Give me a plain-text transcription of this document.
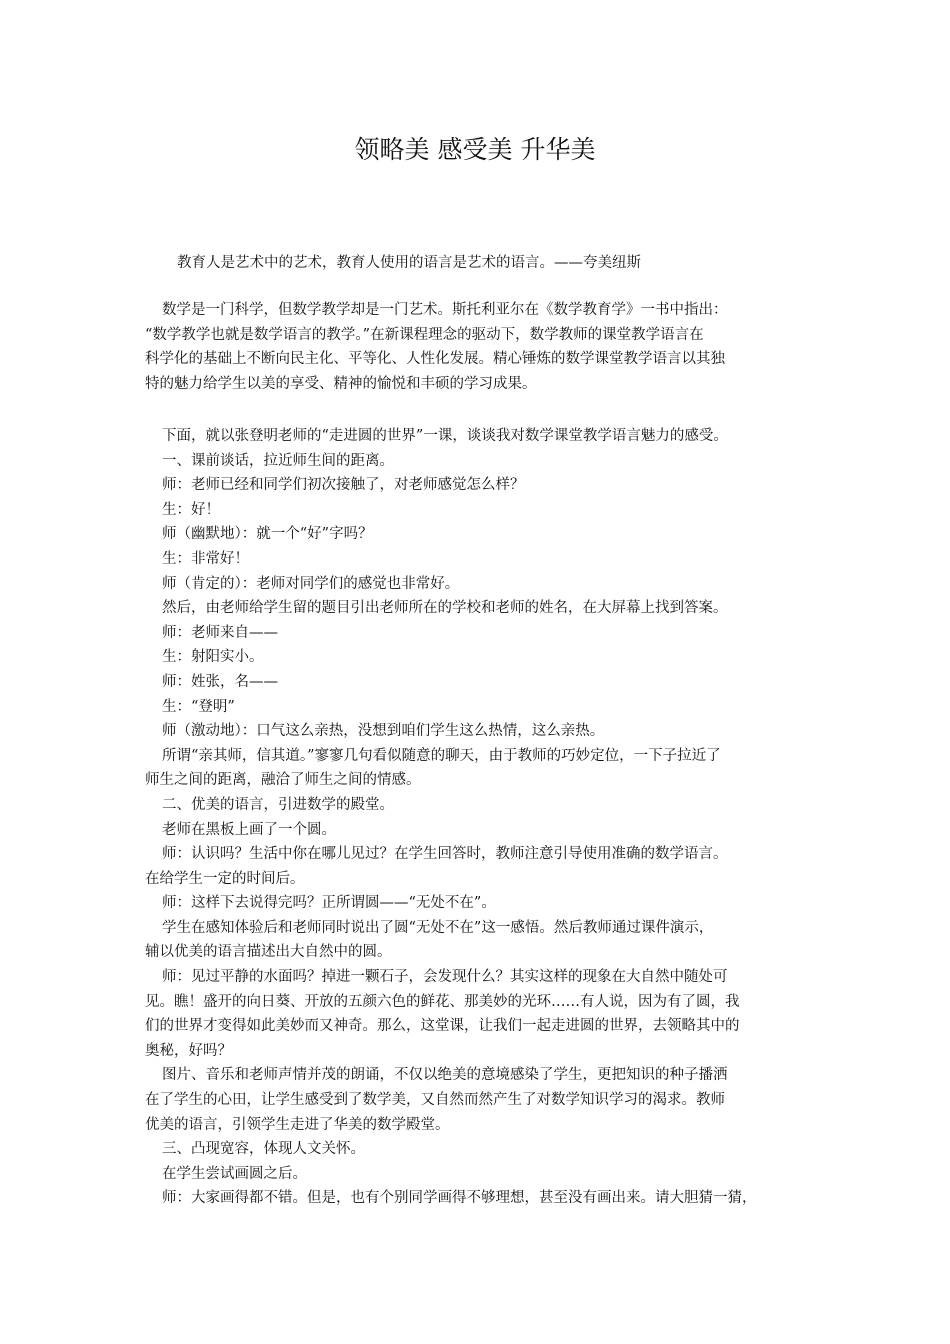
领略美 感受美 升华美
教育人是艺术中的艺术，教育人使用的语言是艺术的语言。——夸美纽斯

数学是一门科学，但数学教学却是一门艺术。斯托利亚尔在《数学教育学》一书中指出：

“数学教学也就是数学语言的教学。”在新课程理念的驱动下，数学教师的课堂教学语言在

科学化的基础上不断向民主化、平等化、人性化发展。精心锤炼的数学课堂教学语言以其独

特的魅力给学生以美的享受、精神的愉悦和丰硕的学习成果。

下面，就以张登明老师的“走进圆的世界”一课，谈谈我对数学课堂教学语言魅力的感受。

一、课前谈话，拉近师生间的距离。

师：老师已经和同学们初次接触了，对老师感觉怎么样？

生：好！

师（幽默地）：就一个“好”字吗？

生：非常好！

师（肯定的）：老师对同学们的感觉也非常好。

然后，由老师给学生留的题目引出老师所在的学校和老师的姓名，在大屏幕上找到答案。

师：老师来自——

生：射阳实小。

师：姓张，名——

生：“登明”

师（激动地）：口气这么亲热，没想到咱们学生这么热情，这么亲热。

所谓“亲其师，信其道。”寥寥几句看似随意的聊天，由于教师的巧妙定位，一下子拉近了

师生之间的距离，融洽了师生之间的情感。

二、优美的语言，引进数学的殿堂。

老师在黑板上画了一个圆。

师：认识吗？生活中你在哪儿见过？在学生回答时，教师注意引导使用准确的数学语言。

在给学生一定的时间后。

师：这样下去说得完吗？正所谓圆——“无处不在”。

学生在感知体验后和老师同时说出了圆“无处不在”这一感悟。然后教师通过课件演示，

辅以优美的语言描述出大自然中的圆。

师：见过平静的水面吗？掉进一颗石子，会发现什么？其实这样的现象在大自然中随处可

见。瞧！盛开的向日葵、开放的五颜六色的鲜花、那美妙的光环……有人说，因为有了圆，我

们的世界才变得如此美妙而又神奇。那么，这堂课，让我们一起走进圆的世界，去领略其中的

奥秘，好吗？

图片、音乐和老师声情并茂的朗诵，不仅以绝美的意境感染了学生，更把知识的种子播洒

在了学生的心田，让学生感受到了数学美，又自然而然产生了对数学知识学习的渴求。教师

优美的语言，引领学生走进了华美的数学殿堂。

三、凸现宽容，体现人文关怀。

在学生尝试画圆之后。

师：大家画得都不错。但是，也有个别同学画得不够理想，甚至没有画出来。请大胆猜一猜，
